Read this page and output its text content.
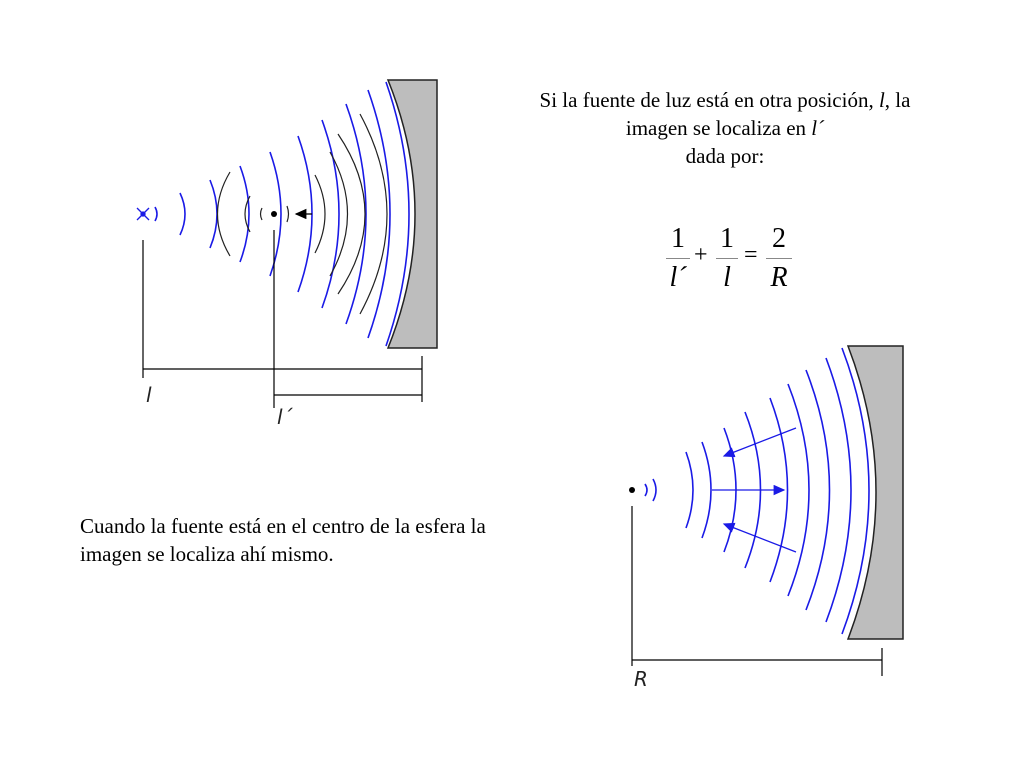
l
l´
R
Si la fuente de luz está en otra posición, l, la imagen se localiza en l´
dada por:
1
l´
+
1
l
=
2
R
Cuando la fuente está en el centro de la esfera la imagen se localiza ahí mismo.
